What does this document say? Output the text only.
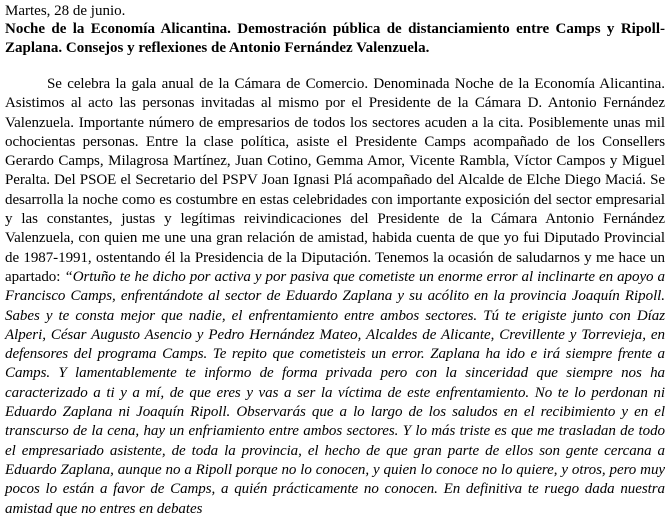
Martes, 28 de junio.

Noche de la Economía Alicantina. Demostración pública de distanciamiento entre Camps y Ripoll-Zaplana. Consejos y reflexiones de Antonio Fernández Valenzuela.

Se celebra la gala anual de la Cámara de Comercio. Denominada Noche de la Economía Alicantina. Asistimos al acto las personas invitadas al mismo por el Presidente de la Cámara D. Antonio Fernández Valenzuela. Importante número de empresarios de todos los sectores acuden a la cita. Posiblemente unas mil ochocientas personas. Entre la clase política, asiste el Presidente Camps acompañado de los Consellers Gerardo Camps, Milagrosa Martínez, Juan Cotino, Gemma Amor, Vicente Rambla, Víctor Campos y Miguel Peralta. Del PSOE el Secretario del PSPV Joan Ignasi Plá acompañado del Alcalde de Elche Diego Maciá. Se desarrolla la noche como es costumbre en estas celebridades con importante exposición del sector empresarial y las constantes, justas y legítimas reivindicaciones del Presidente de la Cámara Antonio Fernández Valenzuela, con quien me une una gran relación de amistad, habida cuenta de que yo fui Diputado Provincial de 1987-1991, ostentando él la Presidencia de la Diputación. Tenemos la ocasión de saludarnos y me hace un apartado: “Ortuño te he dicho por activa y por pasiva que cometiste un enorme error al inclinarte en apoyo a Francisco Camps, enfrentándote al sector de Eduardo Zaplana y su acólito en la provincia Joaquín Ripoll. Sabes y te consta mejor que nadie, el enfrentamiento entre ambos sectores. Tú te erigiste junto con Díaz Alperi, César Augusto Asencio y Pedro Hernández Mateo, Alcaldes de Alicante, Crevillente y Torrevieja, en defensores del programa Camps. Te repito que cometisteis un error. Zaplana ha ido e irá siempre frente a Camps. Y lamentablemente te informo de forma privada pero con la sinceridad que siempre nos ha caracterizado a ti y a mí, de que eres y vas a ser la víctima de este enfrentamiento. No te lo perdonan ni Eduardo Zaplana ni Joaquín Ripoll. Observarás que a lo largo de los saludos en el recibimiento y en el transcurso de la cena, hay un enfriamiento entre ambos sectores. Y lo más triste es que me trasladan de todo el empresariado asistente, de toda la provincia, el hecho de que gran parte de ellos son gente cercana a Eduardo Zaplana, aunque no a Ripoll porque no lo conocen, y quien lo conoce no lo quiere, y otros, pero muy pocos lo están a favor de Camps, a quién prácticamente no conocen. En definitiva te ruego dada nuestra amistad que no entres en debates
